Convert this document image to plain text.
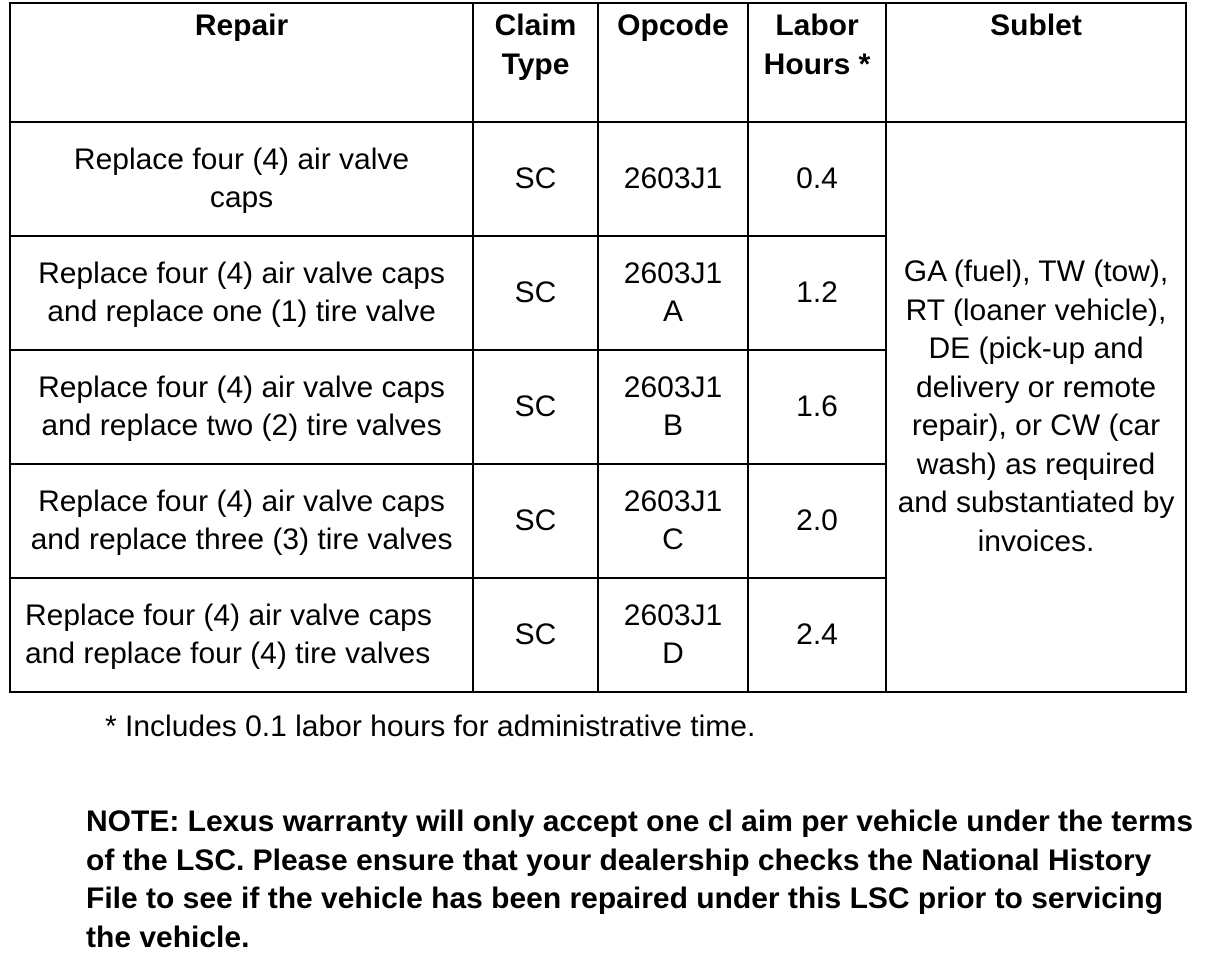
Repair	Claim Type	Opcode	Labor Hours *	Sublet
Replace four (4) air valve caps	SC	2603J1	0.4	GA (fuel), TW (tow), RT (loaner vehicle), DE (pick-up and delivery or remote repair), or CW (car wash) as required and substantiated by invoices.
Replace four (4) air valve caps and replace one (1) tire valve	SC	2603J1A	1.2	
Replace four (4) air valve caps and replace two (2) tire valves	SC	2603J1B	1.6	
Replace four (4) air valve caps and replace three (3) tire valves	SC	2603J1C	2.0	
Replace four (4) air valve caps and replace four (4) tire valves	SC	2603J1D	2.4	
* Includes 0.1 labor hours for administrative time.
NOTE: Lexus warranty will only accept one cl aim per vehicle under the terms of the LSC. Please ensure that your dealership checks the National History File to see if the vehicle has been repaired under this LSC prior to servicing the vehicle.
